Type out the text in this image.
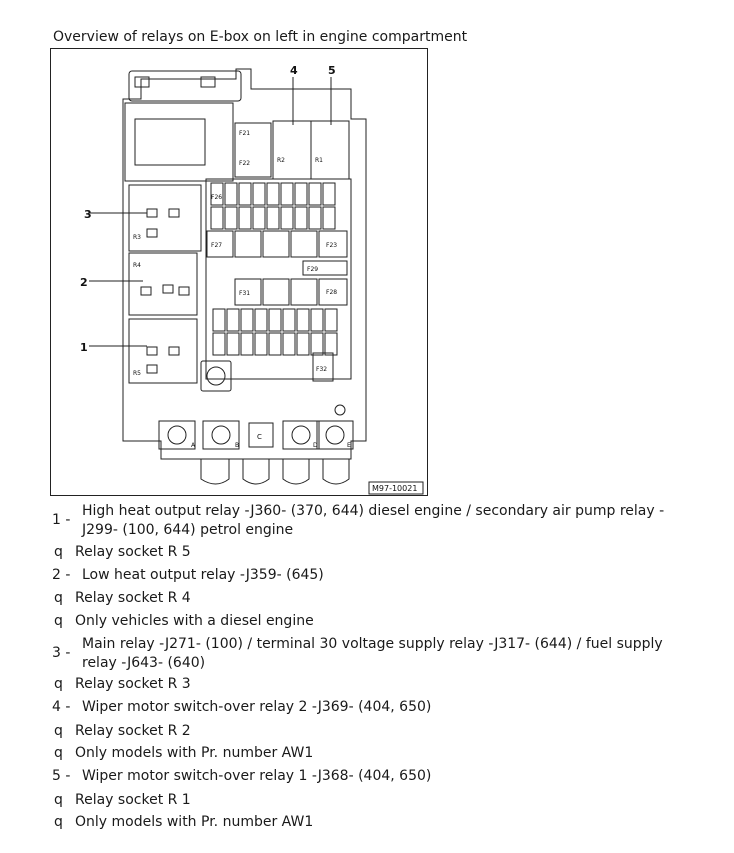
Overview of relays on E-box on left in engine compartment
3
2
1
4	5
M97-10021
R1
R2
R3
R4
R5
F21
F22
F23
F26
F27
F28
F29
F31
F32
A	B
C
D	E
1 -
High heat output relay -J360- (370, 644) diesel engine / secondary air pump relay -J299- (100, 644) petrol engine
q Relay socket R 5
2 - Low heat output relay -J359- (645)
q Relay socket R 4
q Only vehicles with a diesel engine
3 -
Main relay -J271- (100) / terminal 30 voltage supply relay -J317- (644) / fuel supply relay -J643- (640)
q Relay socket R 3
4 - Wiper motor switch-over relay 2 -J369- (404, 650)
q Relay socket R 2
q Only models with Pr. number AW1
5 - Wiper motor switch-over relay 1 -J368- (404, 650)
q Relay socket R 1
q Only models with Pr. number AW1
